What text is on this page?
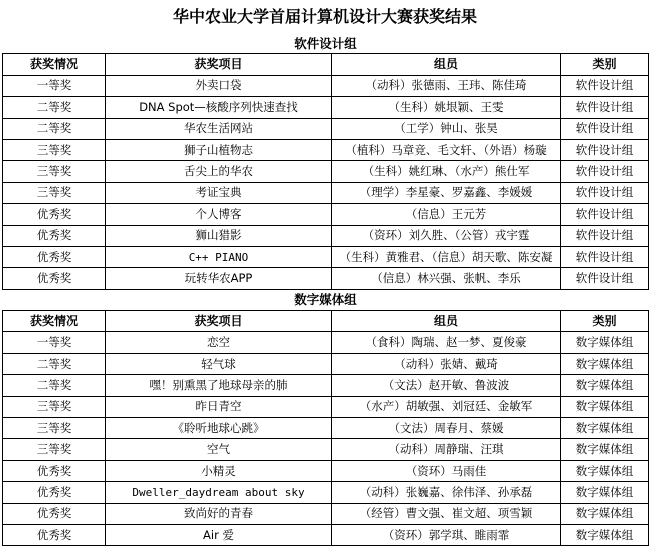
华中农业大学首届计算机设计大赛获奖结果
软件设计组			
获奖情况	获奖项目	组员	类别
一等奖	外卖口袋	（动科）张德雨、王玮、陈佳琦	软件设计组
二等奖	DNA Spot—核酸序列快速查找	（生科）姚垠颖、王雯	软件设计组
二等奖	华农生活网站	（工学）钟山、张昊	软件设计组
三等奖	狮子山植物志	（植科）马章竞、毛文轩、（外语）杨璇	软件设计组
三等奖	舌尖上的华农	（生科）姚红琳、（水产）熊仕军	软件设计组
三等奖	考证宝典	（理学）李星豪、罗嘉鑫、李媛媛	软件设计组
优秀奖	个人博客	（信息）王元芳	软件设计组
优秀奖	狮山猎影	（资环）刘久胜、（公管）戎宇霆	软件设计组
优秀奖	C++ PIANO	（生科）黄雅君、（信息）胡天歌、陈安凝	软件设计组
优秀奖	玩转华农APP	（信息）林兴强、张帆、李乐	软件设计组
数字媒体组			
获奖情况	获奖项目	组员	类别
一等奖	恋空	（食科）陶瑞、赵一梦、夏俊豪	数字媒体组
二等奖	轻气球	（动科）张婧、戴琦	数字媒体组
二等奖	嘿！别熏黑了地球母亲的肺	（文法）赵开敏、鲁波波	数字媒体组
三等奖	昨日青空	（水产）胡敏强、刘冠廷、金敏军	数字媒体组
三等奖	《聆听地球心跳》	（文法）周春月、蔡媛	数字媒体组
三等奖	空气	（动科）周静瑞、汪琪	数字媒体组
优秀奖	小精灵	（资环）马雨佳	数字媒体组
优秀奖	Dweller_daydream about sky	（动科）张巍嘉、徐伟泽、孙承磊	数字媒体组
优秀奖	致尚好的青春	（经管）曹文强、崔文超、项雪颖	数字媒体组
优秀奖	Air 爱	（资环）郭学琪、睢雨霏	数字媒体组
